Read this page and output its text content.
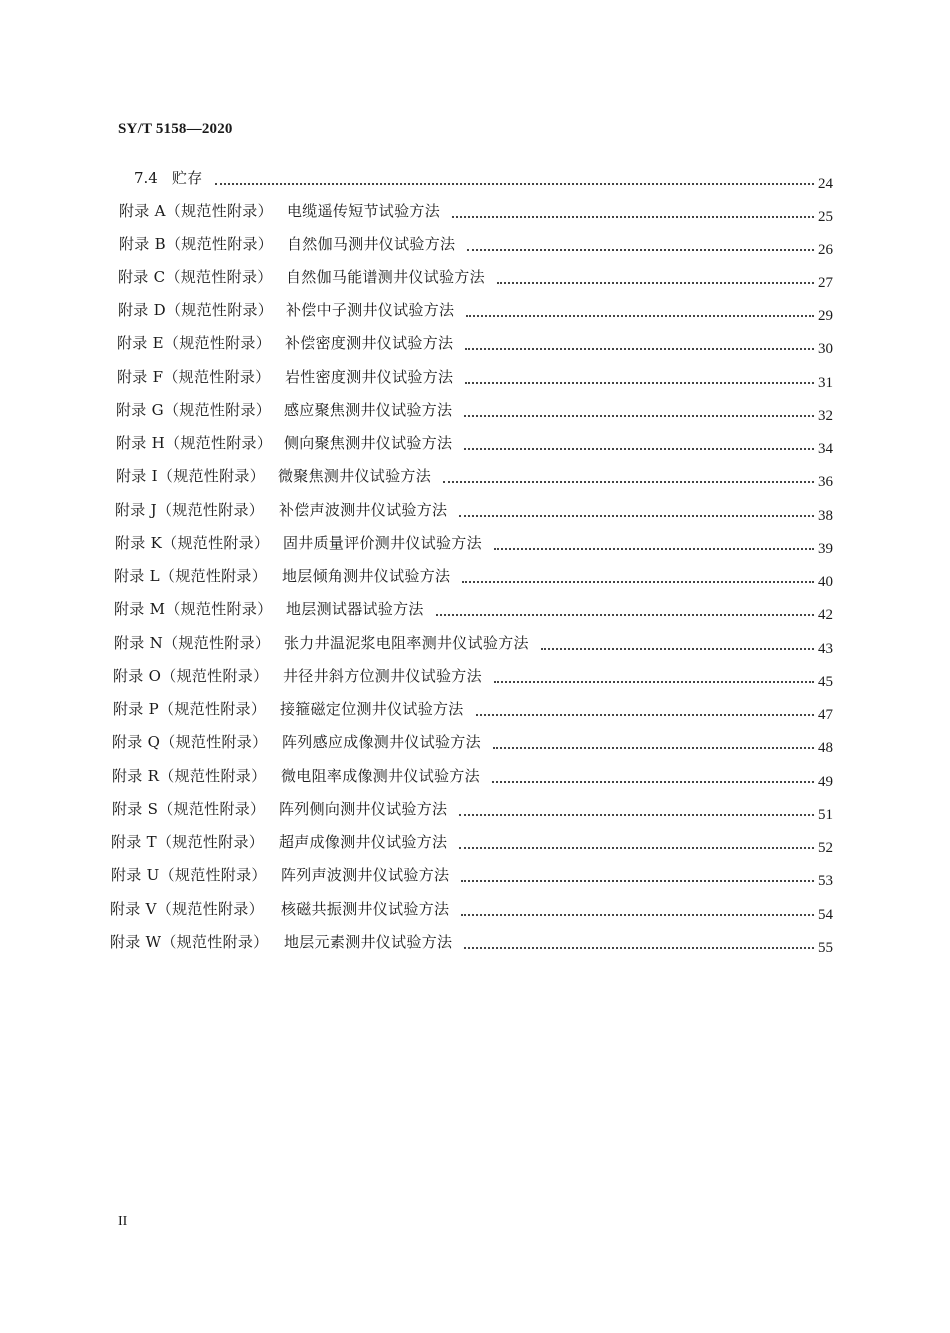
SY/T 5158—2020
7.4 贮存	24
附录 A（规范性附录） 电缆遥传短节试验方法	25
附录 B（规范性附录） 自然伽马测井仪试验方法	26
附录 C（规范性附录） 自然伽马能谱测井仪试验方法	27
附录 D（规范性附录） 补偿中子测井仪试验方法	29
附录 E（规范性附录） 补偿密度测井仪试验方法	30
附录 F（规范性附录） 岩性密度测井仪试验方法	31
附录 G（规范性附录） 感应聚焦测井仪试验方法	32
附录 H（规范性附录） 侧向聚焦测井仪试验方法	34
附录 I（规范性附录） 微聚焦测井仪试验方法	36
附录 J（规范性附录） 补偿声波测井仪试验方法	38
附录 K（规范性附录） 固井质量评价测井仪试验方法	39
附录 L（规范性附录） 地层倾角测井仪试验方法	40
附录 M（规范性附录） 地层测试器试验方法	42
附录 N（规范性附录） 张力井温泥浆电阻率测井仪试验方法	43
附录 O（规范性附录） 井径井斜方位测井仪试验方法	45
附录 P（规范性附录） 接箍磁定位测井仪试验方法	47
附录 Q（规范性附录） 阵列感应成像测井仪试验方法	48
附录 R（规范性附录） 微电阻率成像测井仪试验方法	49
附录 S（规范性附录） 阵列侧向测井仪试验方法	51
附录 T（规范性附录） 超声成像测井仪试验方法	52
附录 U（规范性附录） 阵列声波测井仪试验方法	53
附录 V（规范性附录）	核磁共振测井仪试验方法	54
附录 W（规范性附录）	地层元素测井仪试验方法	55
II
